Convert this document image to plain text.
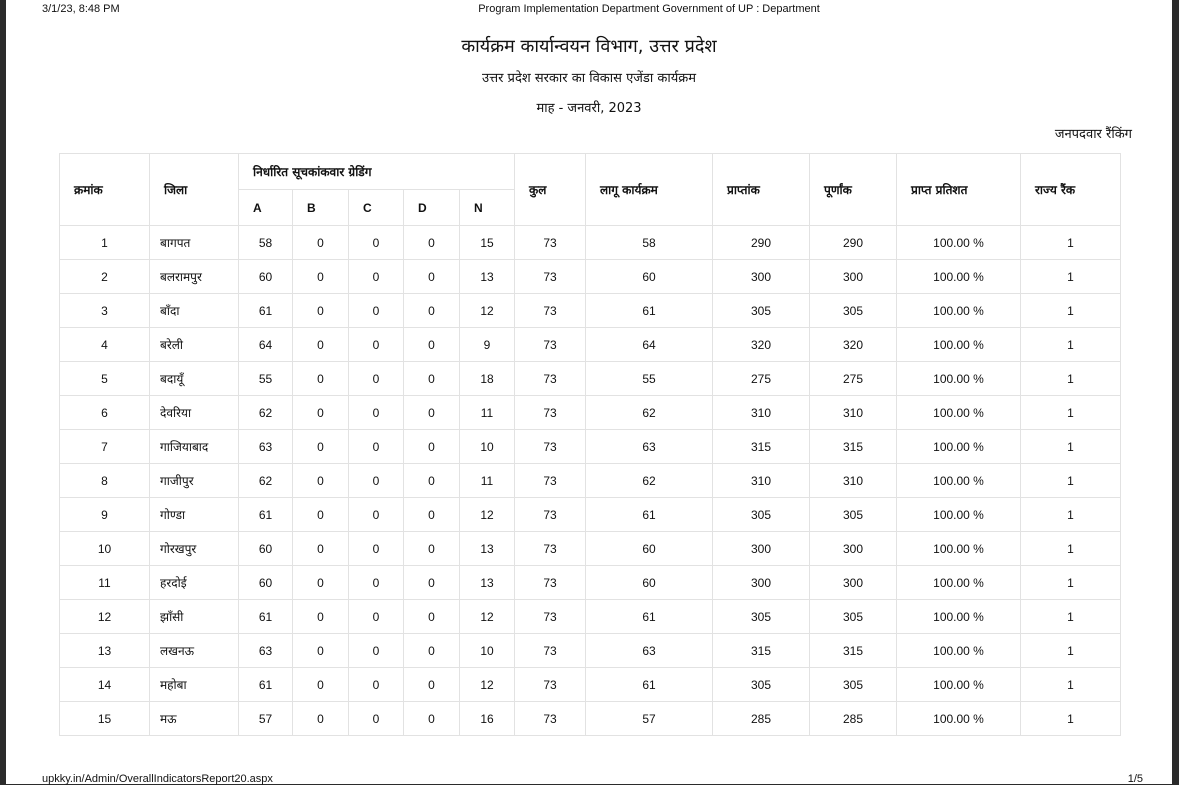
3/1/23, 8:48 PM	Program Implementation Department Government of UP : Department
कार्यक्रम कार्यान्वयन विभाग, उत्तर प्रदेश
उत्तर प्रदेश सरकार का विकास एजेंडा कार्यक्रम
माह - जनवरी, 2023
जनपदवार रैंकिंग
क्रमांक	जिला	निर्धारित सूचकांकवार ग्रेडिंग					कुल	लागू कार्यक्रम	प्राप्तांक	पूर्णांक	प्राप्त प्रतिशत	राज्य रैंक
		A	B	C	D	N						
1	बागपत	58	0	0	0	15	73	58	290	290	100.00 %	1
2	बलरामपुर	60	0	0	0	13	73	60	300	300	100.00 %	1
3	बाँदा	61	0	0	0	12	73	61	305	305	100.00 %	1
4	बरेली	64	0	0	0	9	73	64	320	320	100.00 %	1
5	बदायूँ	55	0	0	0	18	73	55	275	275	100.00 %	1
6	देवरिया	62	0	0	0	11	73	62	310	310	100.00 %	1
7	गाजियाबाद	63	0	0	0	10	73	63	315	315	100.00 %	1
8	गाजीपुर	62	0	0	0	11	73	62	310	310	100.00 %	1
9	गोण्डा	61	0	0	0	12	73	61	305	305	100.00 %	1
10	गोरखपुर	60	0	0	0	13	73	60	300	300	100.00 %	1
11	हरदोई	60	0	0	0	13	73	60	300	300	100.00 %	1
12	झाँसी	61	0	0	0	12	73	61	305	305	100.00 %	1
13	लखनऊ	63	0	0	0	10	73	63	315	315	100.00 %	1
14	महोबा	61	0	0	0	12	73	61	305	305	100.00 %	1
15	मऊ	57	0	0	0	16	73	57	285	285	100.00 %	1
upkky.in/Admin/OverallIndicatorsReport20.aspx	1/5
